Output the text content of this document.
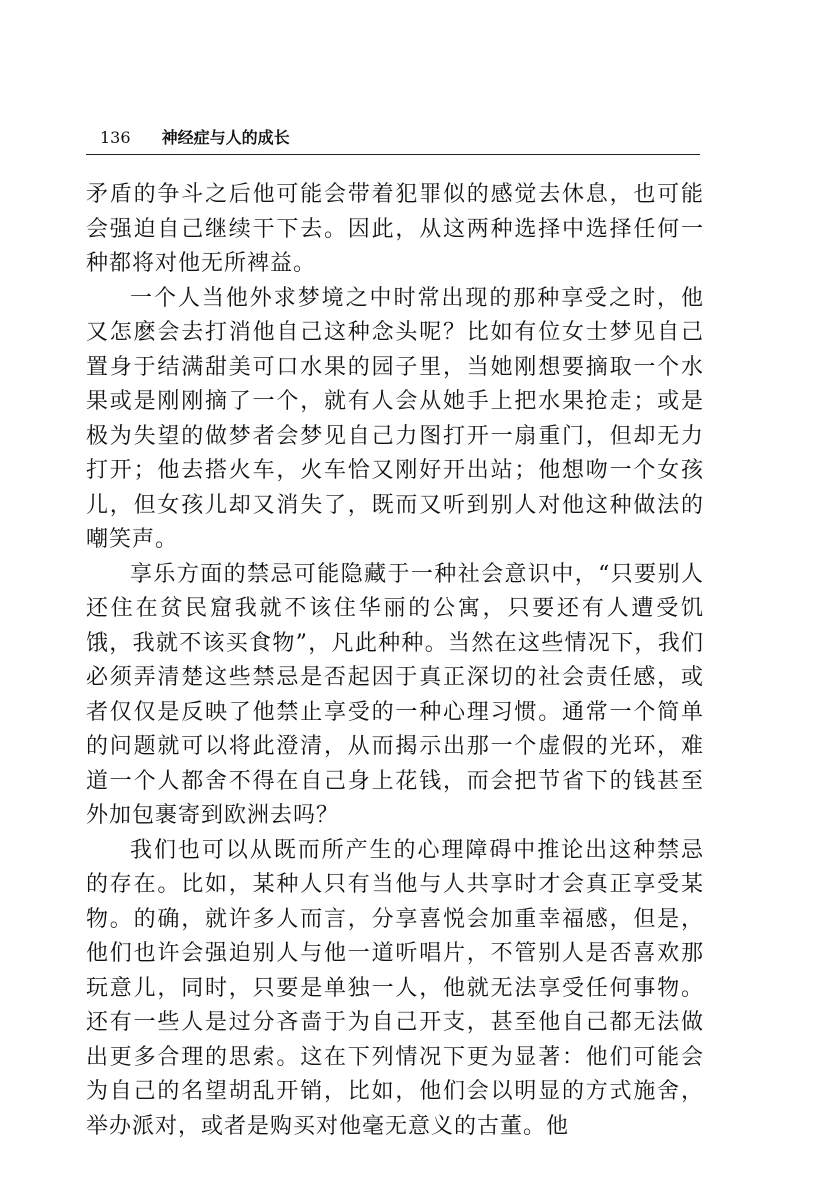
136 神经症与人的成长

矛盾的争斗之后他可能会带着犯罪似的感觉去休息，也可能会强迫自己继续干下去。因此，从这两种选择中选择任何一种都将对他无所裨益。

一个人当他外求梦境之中时常出现的那种享受之时，他又怎麽会去打消他自己这种念头呢？比如有位女士梦见自己置身于结满甜美可口水果的园子里，当她刚想要摘取一个水果或是刚刚摘了一个，就有人会从她手上把水果抢走；或是极为失望的做梦者会梦见自己力图打开一扇重门，但却无力打开；他去搭火车，火车恰又刚好开出站；他想吻一个女孩儿，但女孩儿却又消失了，既而又听到别人对他这种做法的嘲笑声。

享乐方面的禁忌可能隐藏于一种社会意识中，“只要别人还住在贫民窟我就不该住华丽的公寓，只要还有人遭受饥饿，我就不该买食物”，凡此种种。当然在这些情况下，我们必须弄清楚这些禁忌是否起因于真正深切的社会责任感，或者仅仅是反映了他禁止享受的一种心理习惯。通常一个简单的问题就可以将此澄清，从而揭示出那一个虚假的光环，难道一个人都舍不得在自己身上花钱，而会把节省下的钱甚至外加包裹寄到欧洲去吗？

我们也可以从既而所产生的心理障碍中推论出这种禁忌的存在。比如，某种人只有当他与人共享时才会真正享受某物。的确，就许多人而言，分享喜悦会加重幸福感，但是，他们也许会强迫别人与他一道听唱片，不管别人是否喜欢那玩意儿，同时，只要是单独一人，他就无法享受任何事物。还有一些人是过分吝啬于为自己开支，甚至他自己都无法做出更多合理的思索。这在下列情况下更为显著：他们可能会为自己的名望胡乱开销，比如，他们会以明显的方式施舍，举办派对，或者是购买对他毫无意义的古董。他
